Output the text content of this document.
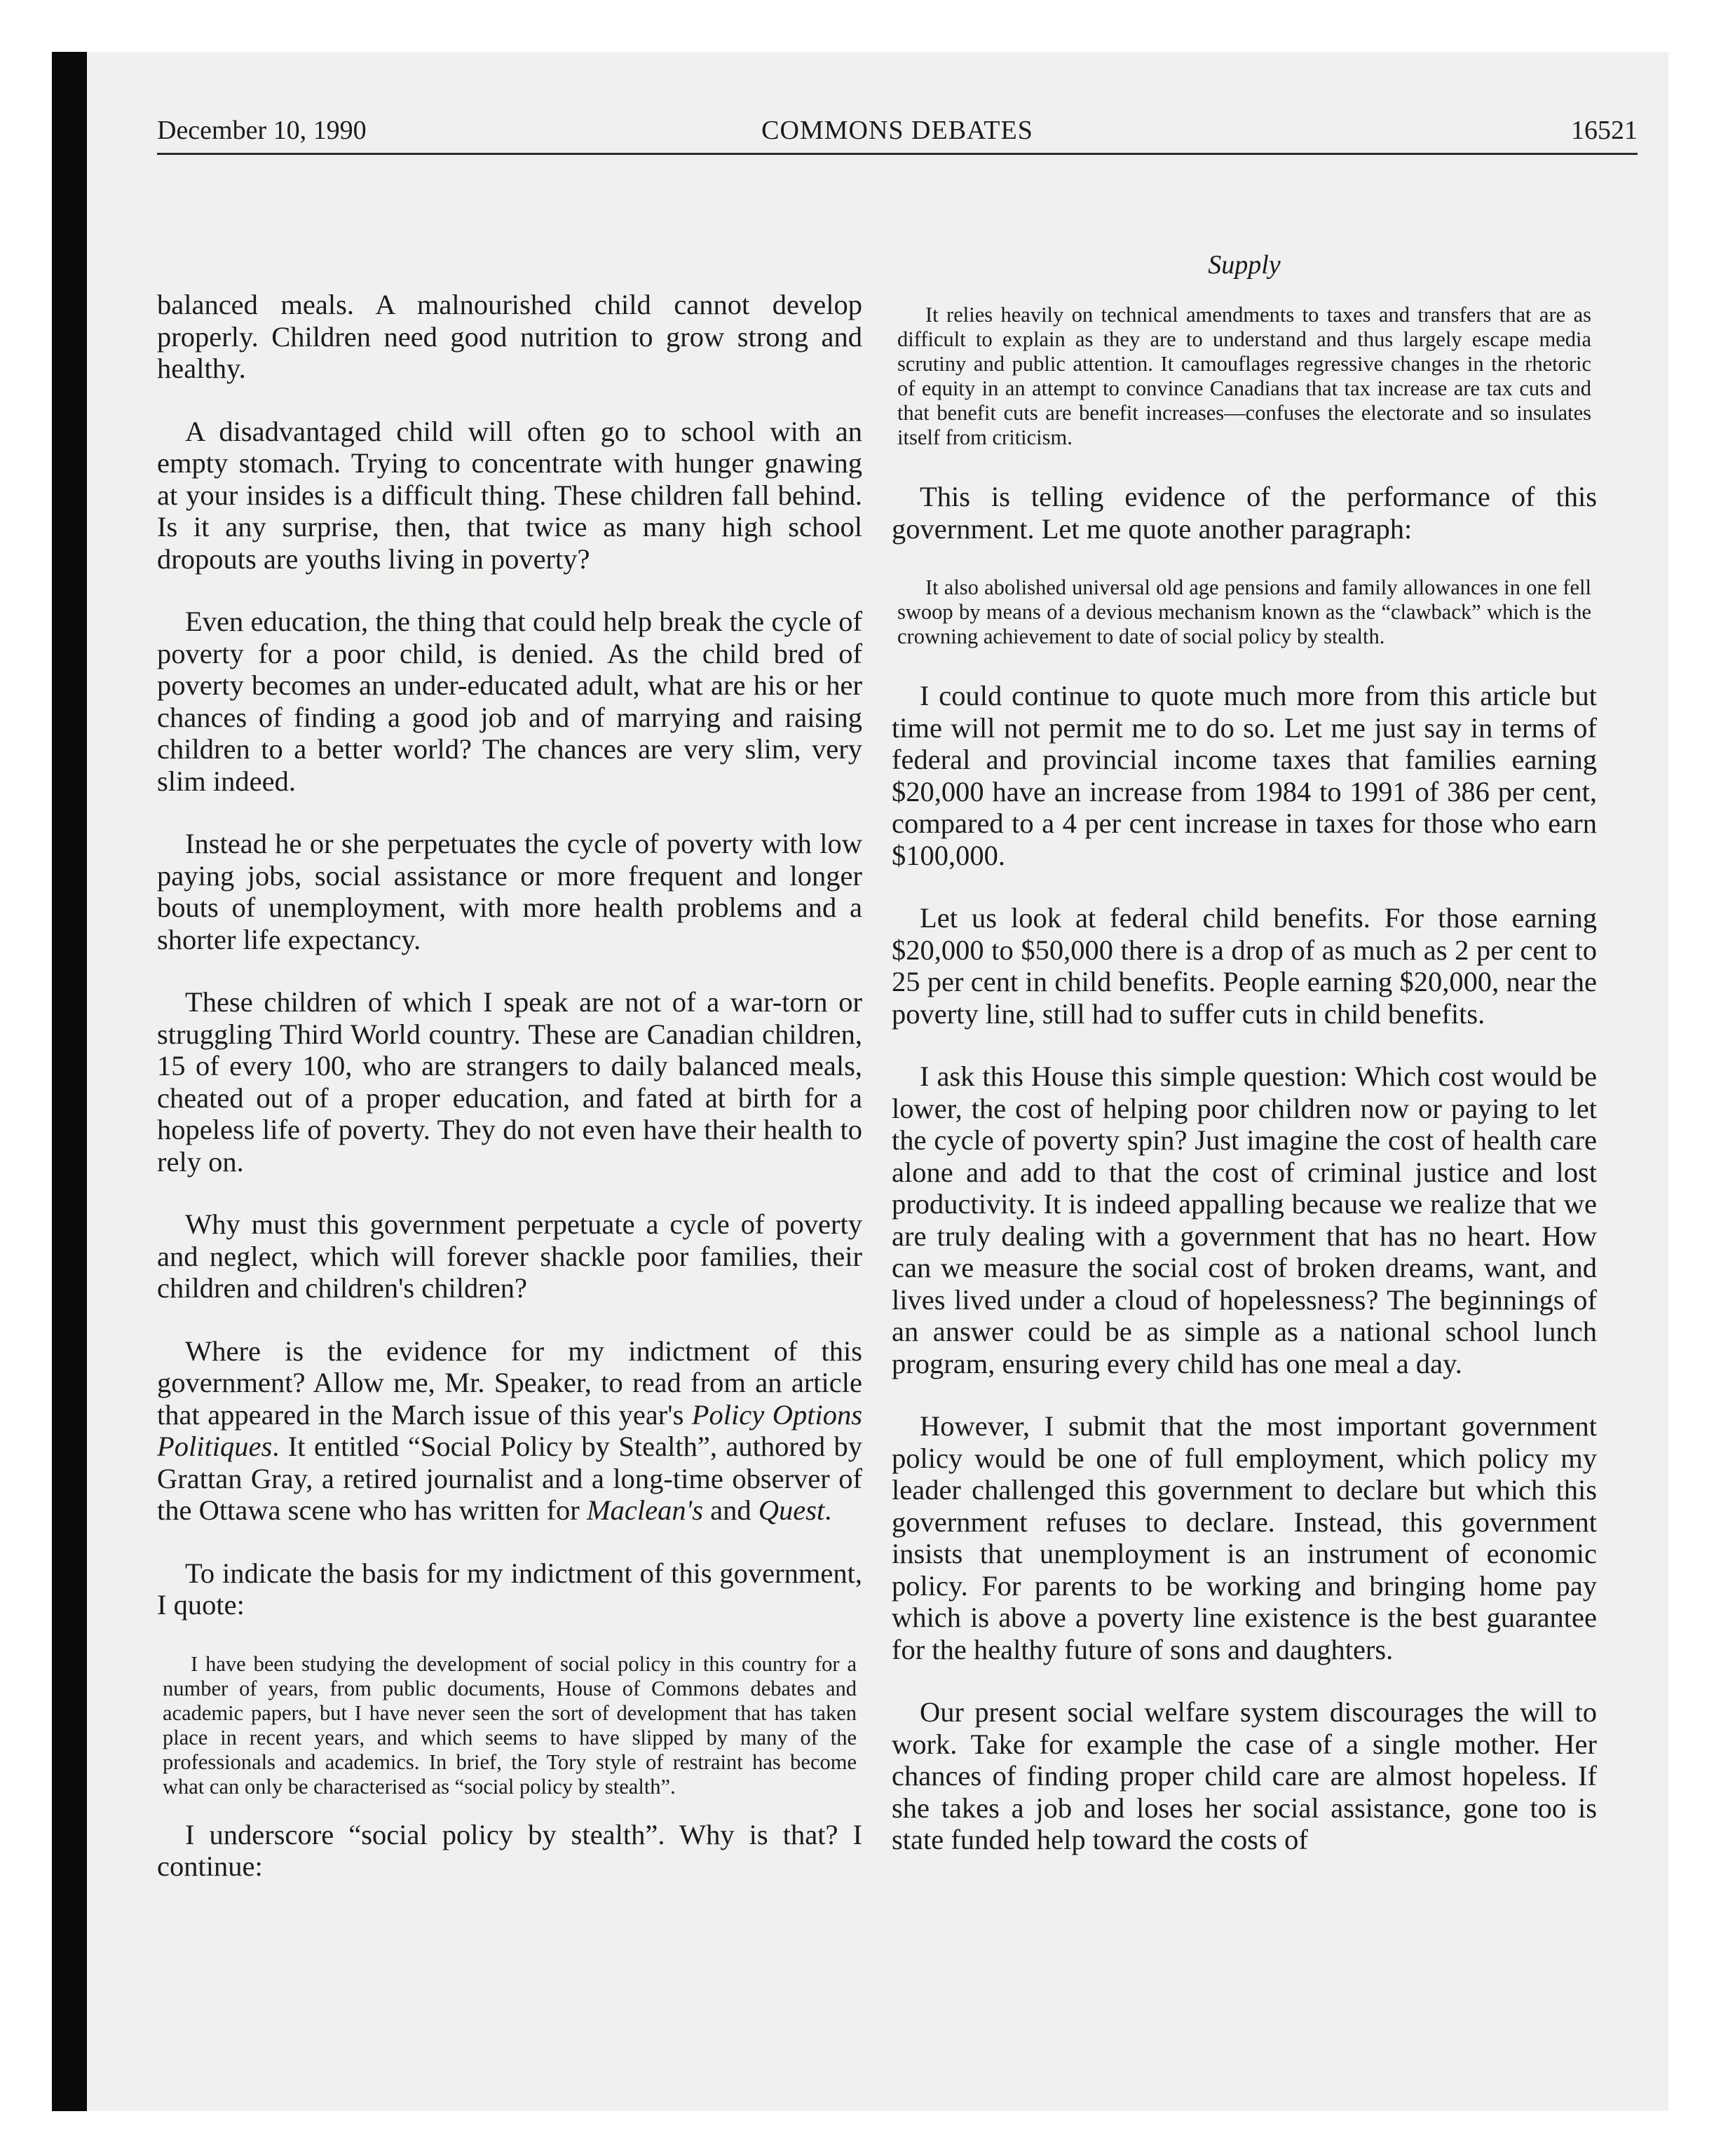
December 10, 1990	COMMONS DEBATES	16521

balanced meals. A malnourished child cannot develop properly. Children need good nutrition to grow strong and healthy.

A disadvantaged child will often go to school with an empty stomach. Trying to concentrate with hunger gnawing at your insides is a difficult thing. These children fall behind. Is it any surprise, then, that twice as many high school dropouts are youths living in poverty?

Even education, the thing that could help break the cycle of poverty for a poor child, is denied. As the child bred of poverty becomes an under-educated adult, what are his or her chances of finding a good job and of marrying and raising children to a better world? The chances are very slim, very slim indeed.

Instead he or she perpetuates the cycle of poverty with low paying jobs, social assistance or more frequent and longer bouts of unemployment, with more health problems and a shorter life expectancy.

These children of which I speak are not of a war-torn or struggling Third World country. These are Canadian children, 15 of every 100, who are strangers to daily balanced meals, cheated out of a proper education, and fated at birth for a hopeless life of poverty. They do not even have their health to rely on.

Why must this government perpetuate a cycle of poverty and neglect, which will forever shackle poor families, their children and children's children?

Where is the evidence for my indictment of this government? Allow me, Mr. Speaker, to read from an article that appeared in the March issue of this year's Policy Options Politiques. It entitled “Social Policy by Stealth”, authored by Grattan Gray, a retired journalist and a long-time observer of the Ottawa scene who has written for Maclean's and Quest.

To indicate the basis for my indictment of this government, I quote:

I have been studying the development of social policy in this country for a number of years, from public documents, House of Commons debates and academic papers, but I have never seen the sort of development that has taken place in recent years, and which seems to have slipped by many of the professionals and academics. In brief, the Tory style of restraint has become what can only be characterised as “social policy by stealth”.

I underscore “social policy by stealth”. Why is that? I continue:

Supply

It relies heavily on technical amendments to taxes and transfers that are as difficult to explain as they are to understand and thus largely escape media scrutiny and public attention. It camouflages regressive changes in the rhetoric of equity in an attempt to convince Canadians that tax increase are tax cuts and that benefit cuts are benefit increases—confuses the electorate and so insulates itself from criticism.

This is telling evidence of the performance of this government. Let me quote another paragraph:

It also abolished universal old age pensions and family allowances in one fell swoop by means of a devious mechanism known as the “clawback” which is the crowning achievement to date of social policy by stealth.

I could continue to quote much more from this article but time will not permit me to do so. Let me just say in terms of federal and provincial income taxes that families earning $20,000 have an increase from 1984 to 1991 of 386 per cent, compared to a 4 per cent increase in taxes for those who earn $100,000.

Let us look at federal child benefits. For those earning $20,000 to $50,000 there is a drop of as much as 2 per cent to 25 per cent in child benefits. People earning $20,000, near the poverty line, still had to suffer cuts in child benefits.

I ask this House this simple question: Which cost would be lower, the cost of helping poor children now or paying to let the cycle of poverty spin? Just imagine the cost of health care alone and add to that the cost of criminal justice and lost productivity. It is indeed appalling because we realize that we are truly dealing with a government that has no heart. How can we measure the social cost of broken dreams, want, and lives lived under a cloud of hopelessness? The beginnings of an answer could be as simple as a national school lunch program, ensuring every child has one meal a day.

However, I submit that the most important government policy would be one of full employment, which policy my leader challenged this government to declare but which this government refuses to declare. Instead, this government insists that unemployment is an instrument of economic policy. For parents to be working and bringing home pay which is above a poverty line existence is the best guarantee for the healthy future of sons and daughters.

Our present social welfare system discourages the will to work. Take for example the case of a single mother. Her chances of finding proper child care are almost hopeless. If she takes a job and loses her social assistance, gone too is state funded help toward the costs of
